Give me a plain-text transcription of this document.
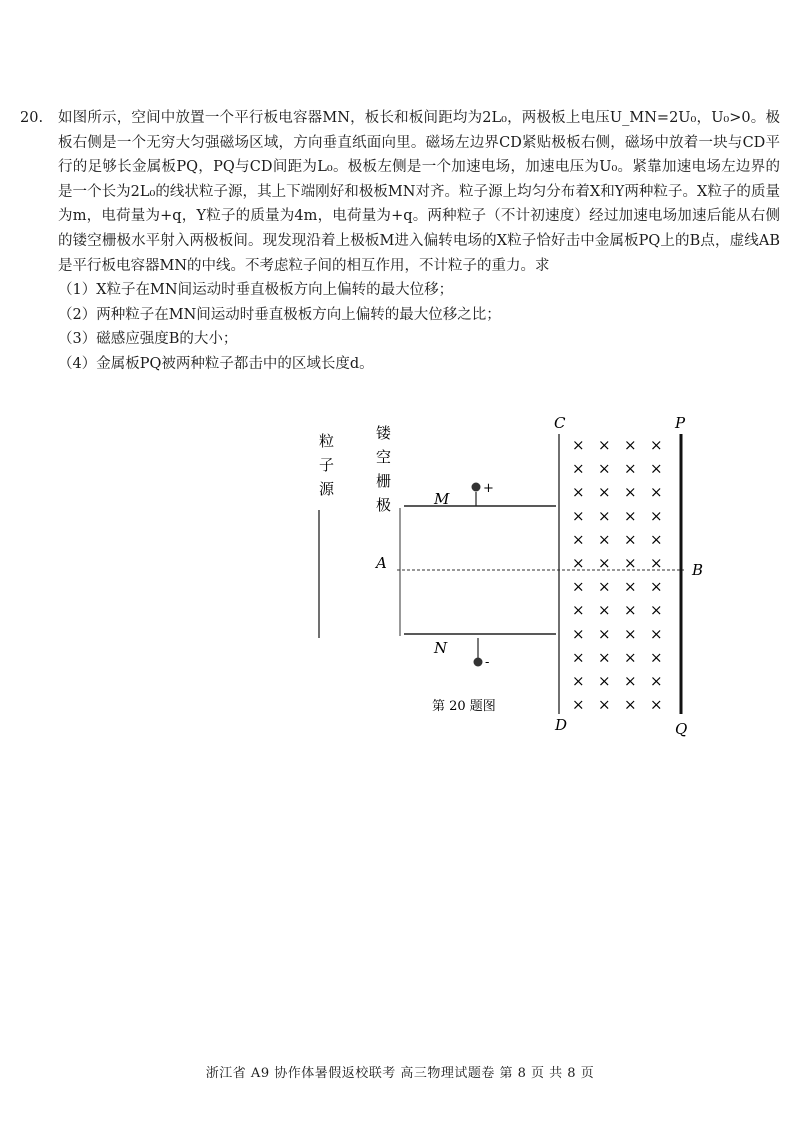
20.	如图所示，空间中放置一个平行板电容器MN，板长和板间距均为2L₀，两极板上电压U_MN=2U₀，U₀>0。极板右侧是一个无穷大匀强磁场区域，方向垂直纸面向里。磁场左边界CD紧贴极板右侧，磁场中放着一块与CD平行的足够长金属板PQ，PQ与CD间距为L₀。极板左侧是一个加速电场，加速电压为U₀。紧靠加速电场左边界的是一个长为2L₀的线状粒子源，其上下端刚好和极板MN对齐。粒子源上均匀分布着X和Y两种粒子。X粒子的质量为m，电荷量为+q，Y粒子的质量为4m，电荷量为+q。两种粒子（不计初速度）经过加速电场加速后能从右侧的镂空栅极水平射入两极板间。现发现沿着上极板M进入偏转电场的X粒子恰好击中金属板PQ上的B点，虚线AB是平行板电容器MN的中线。不考虑粒子间的相互作用，不计粒子的重力。求
（1）X粒子在MN间运动时垂直极板方向上偏转的最大位移；
（2）两种粒子在MN间运动时垂直极板方向上偏转的最大位移之比；
（3）磁感应强度B的大小；
（4）金属板PQ被两种粒子都击中的区域长度d。
粒
子
源
镂
空
栅
极	M
+
A	B
N
-
C
D
P
Q
× × × ×
× × × ×
× × × ×
× × × ×
× × × ×
× × × ×
× × × ×
× × × ×
× × × ×
× × × ×
× × × ×
× × × ×
第 20 题图
浙江省 A9 协作体暑假返校联考 高三物理试题卷 第 8 页 共 8 页
